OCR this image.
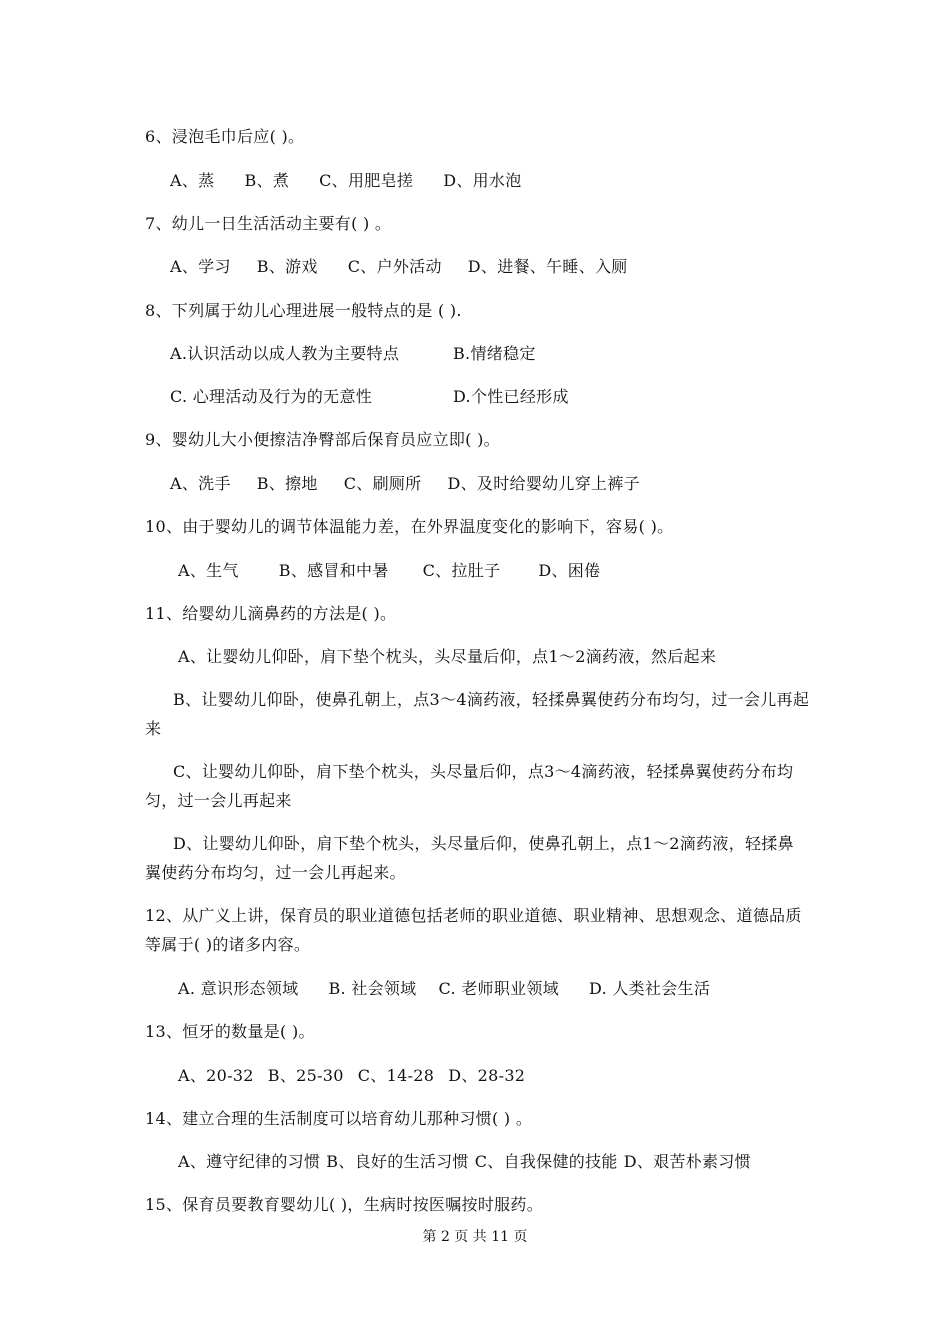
6、浸泡毛巾后应( )。
A、蒸 B、煮 C、用肥皂搓 D、用水泡
7、幼儿一日生活活动主要有( ) 。
A、学习 B、游戏 C、户外活动 D、进餐、午睡、入厕
8、下列属于幼儿心理进展一般特点的是 ( ).
A.认识活动以成人教为主要特点	B.情绪稳定
C. 心理活动及行为的无意性	D.个性已经形成
9、婴幼儿大小便擦洁净臀部后保育员应立即( )。
A、洗手 B、擦地 C、刷厕所 D、及时给婴幼儿穿上裤子
10、由于婴幼儿的调节体温能力差，在外界温度变化的影响下，容易( )。
A、生气	B、感冒和中暑 C、拉肚子 D、困倦
11、给婴幼儿滴鼻药的方法是( )。
A、让婴幼儿仰卧，肩下垫个枕头，头尽量后仰，点1～2滴药液，然后起来
B、让婴幼儿仰卧，使鼻孔朝上，点3～4滴药液，轻揉鼻翼使药分布均匀，过一会儿再起来
C、让婴幼儿仰卧，肩下垫个枕头，头尽量后仰，点3～4滴药液，轻揉鼻翼使药分布均匀，过一会儿再起来
D、让婴幼儿仰卧，肩下垫个枕头，头尽量后仰，使鼻孔朝上，点1～2滴药液，轻揉鼻翼使药分布均匀，过一会儿再起来。
12、从广义上讲，保育员的职业道德包括老师的职业道德、职业精神、思想观念、道德品质等属于( )的诸多内容。
A. 意识形态领域 B. 社会领域 C. 老师职业领域 D. 人类社会生活
13、恒牙的数量是( )。
A、20-32 B、25-30 C、14-28 D、28-32
14、建立合理的生活制度可以培育幼儿那种习惯( ) 。
A、遵守纪律的习惯 B、良好的生活习惯 C、自我保健的技能 D、艰苦朴素习惯
15、保育员要教育婴幼儿( )，生病时按医嘱按时服药。
第 2 页 共 11 页
